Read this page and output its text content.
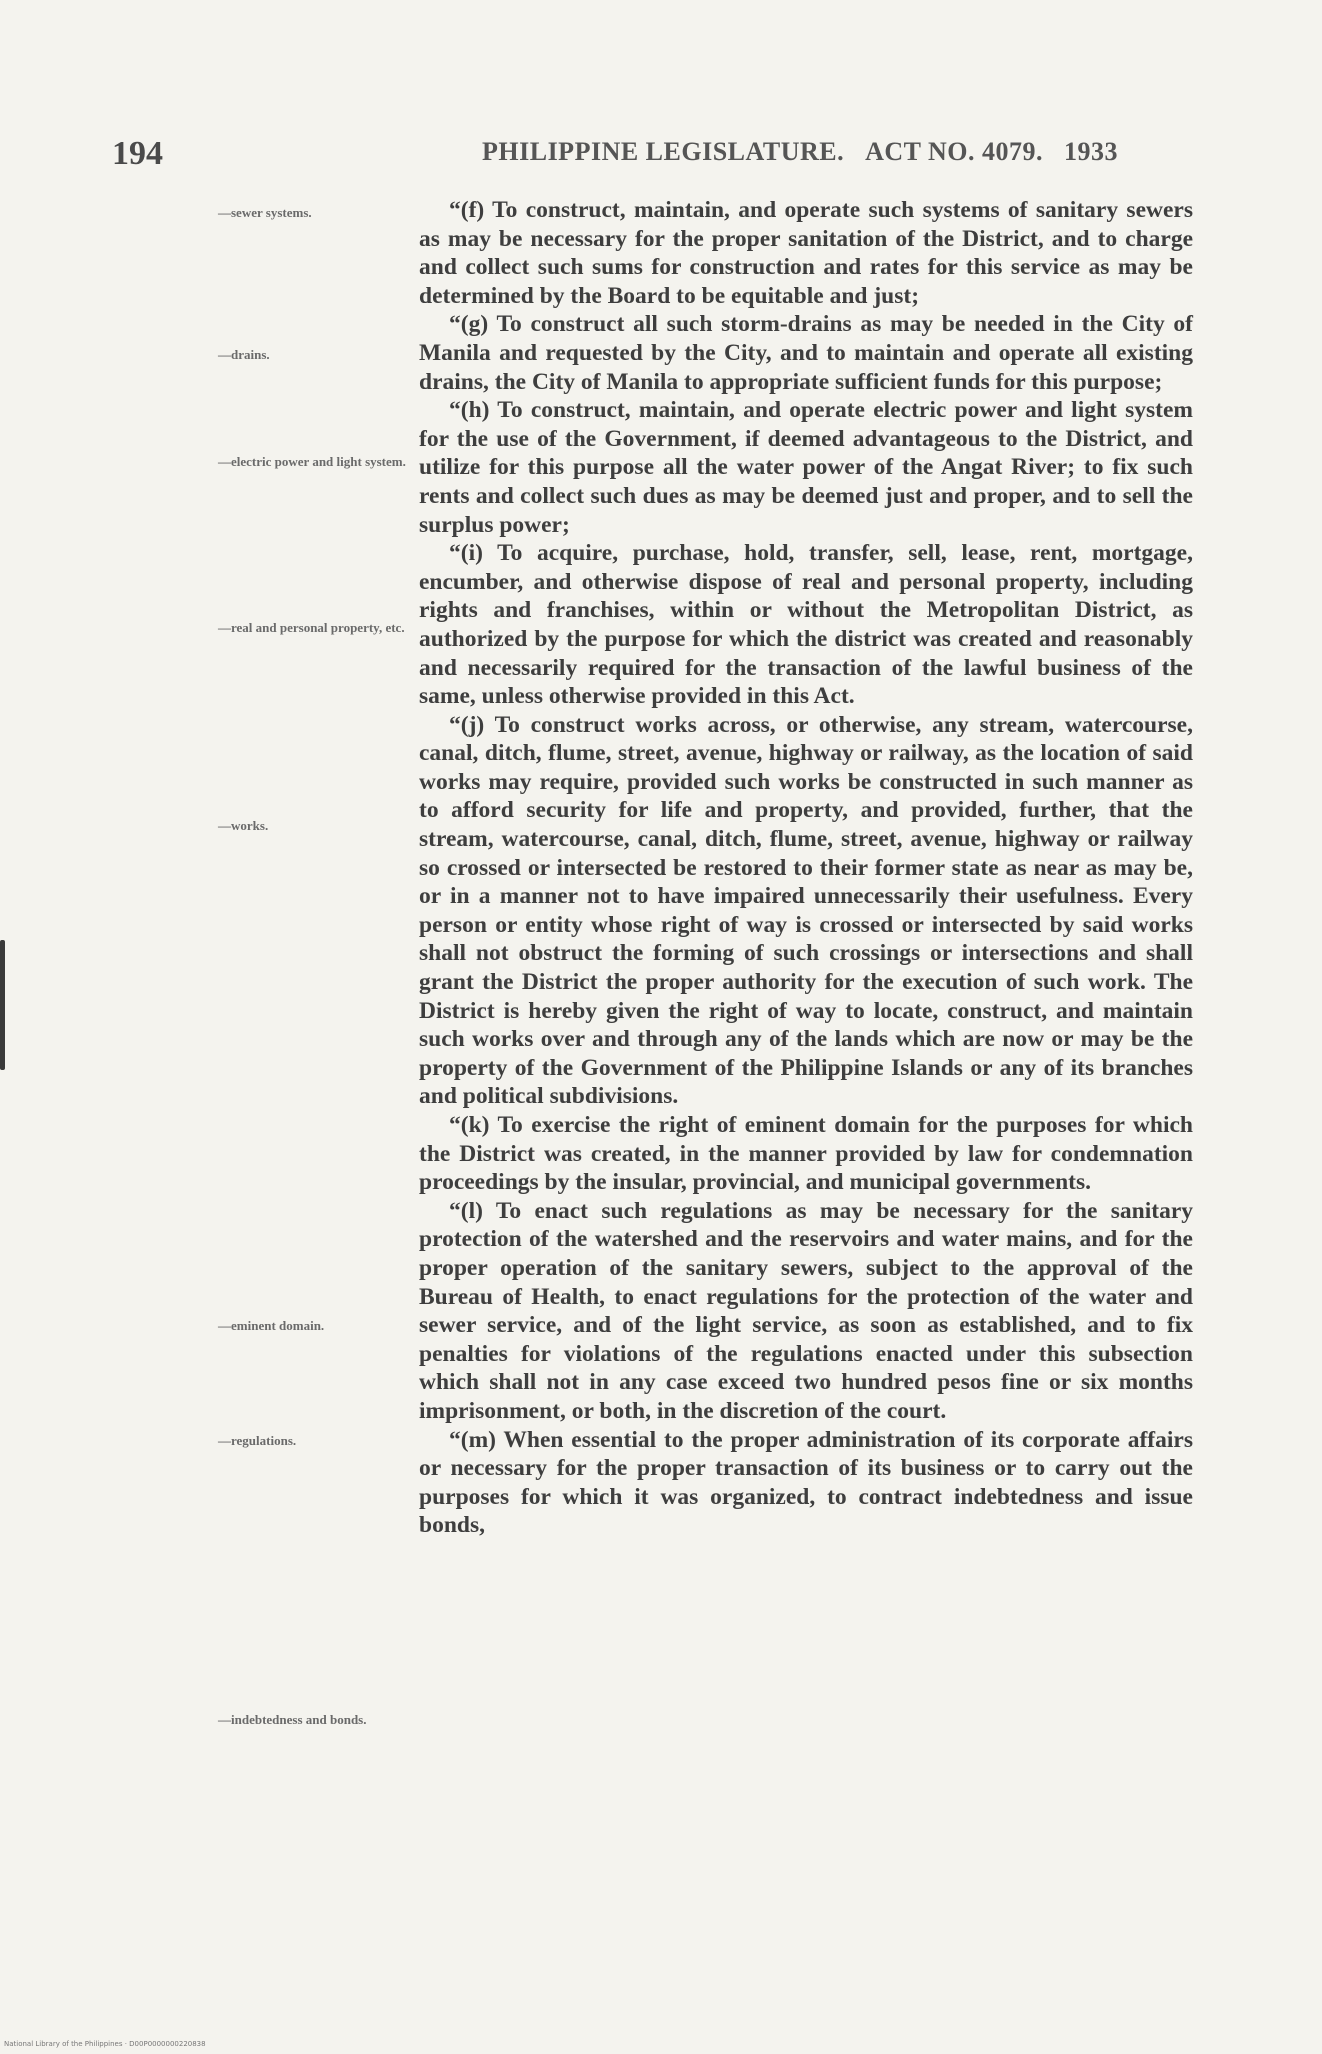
194	PHILIPPINE LEGISLATURE. ACT NO. 4079. 1933
—sewer systems.
—drains.
—electric power and light system.
—real and personal property, etc.
—works.
—eminent domain.
—regulations.
—indebtedness and bonds.

“(f) To construct, maintain, and operate such systems of sanitary sewers as may be necessary for the proper sanitation of the District, and to charge and collect such sums for construction and rates for this service as may be determined by the Board to be equitable and just;

“(g) To construct all such storm-drains as may be needed in the City of Manila and requested by the City, and to maintain and operate all existing drains, the City of Manila to appropriate sufficient funds for this purpose;

“(h) To construct, maintain, and operate electric power and light system for the use of the Government, if deemed advantageous to the District, and utilize for this purpose all the water power of the Angat River; to fix such rents and collect such dues as may be deemed just and proper, and to sell the surplus power;

“(i) To acquire, purchase, hold, transfer, sell, lease, rent, mortgage, encumber, and otherwise dispose of real and personal property, including rights and franchises, within or without the Metropolitan District, as authorized by the purpose for which the district was created and reasonably and necessarily required for the transaction of the lawful business of the same, unless otherwise provided in this Act.

“(j) To construct works across, or otherwise, any stream, watercourse, canal, ditch, flume, street, avenue, highway or railway, as the location of said works may require, provided such works be constructed in such manner as to afford security for life and property, and provided, further, that the stream, watercourse, canal, ditch, flume, street, avenue, highway or railway so crossed or intersected be restored to their former state as near as may be, or in a manner not to have impaired unnecessarily their usefulness. Every person or entity whose right of way is crossed or intersected by said works shall not obstruct the forming of such crossings or intersections and shall grant the District the proper authority for the execution of such work. The District is hereby given the right of way to locate, construct, and maintain such works over and through any of the lands which are now or may be the property of the Government of the Philippine Islands or any of its branches and political subdivisions.

“(k) To exercise the right of eminent domain for the purposes for which the District was created, in the manner provided by law for condemnation proceedings by the insular, provincial, and municipal governments.

“(l) To enact such regulations as may be necessary for the sanitary protection of the watershed and the reservoirs and water mains, and for the proper operation of the sanitary sewers, subject to the approval of the Bureau of Health, to enact regulations for the protection of the water and sewer service, and of the light service, as soon as established, and to fix penalties for violations of the regulations enacted under this subsection which shall not in any case exceed two hundred pesos fine or six months imprisonment, or both, in the discretion of the court.

“(m) When essential to the proper administration of its corporate affairs or necessary for the proper transaction of its business or to carry out the purposes for which it was organized, to contract indebtedness and issue bonds,

National Library of the Philippines · D00P0000000220838
